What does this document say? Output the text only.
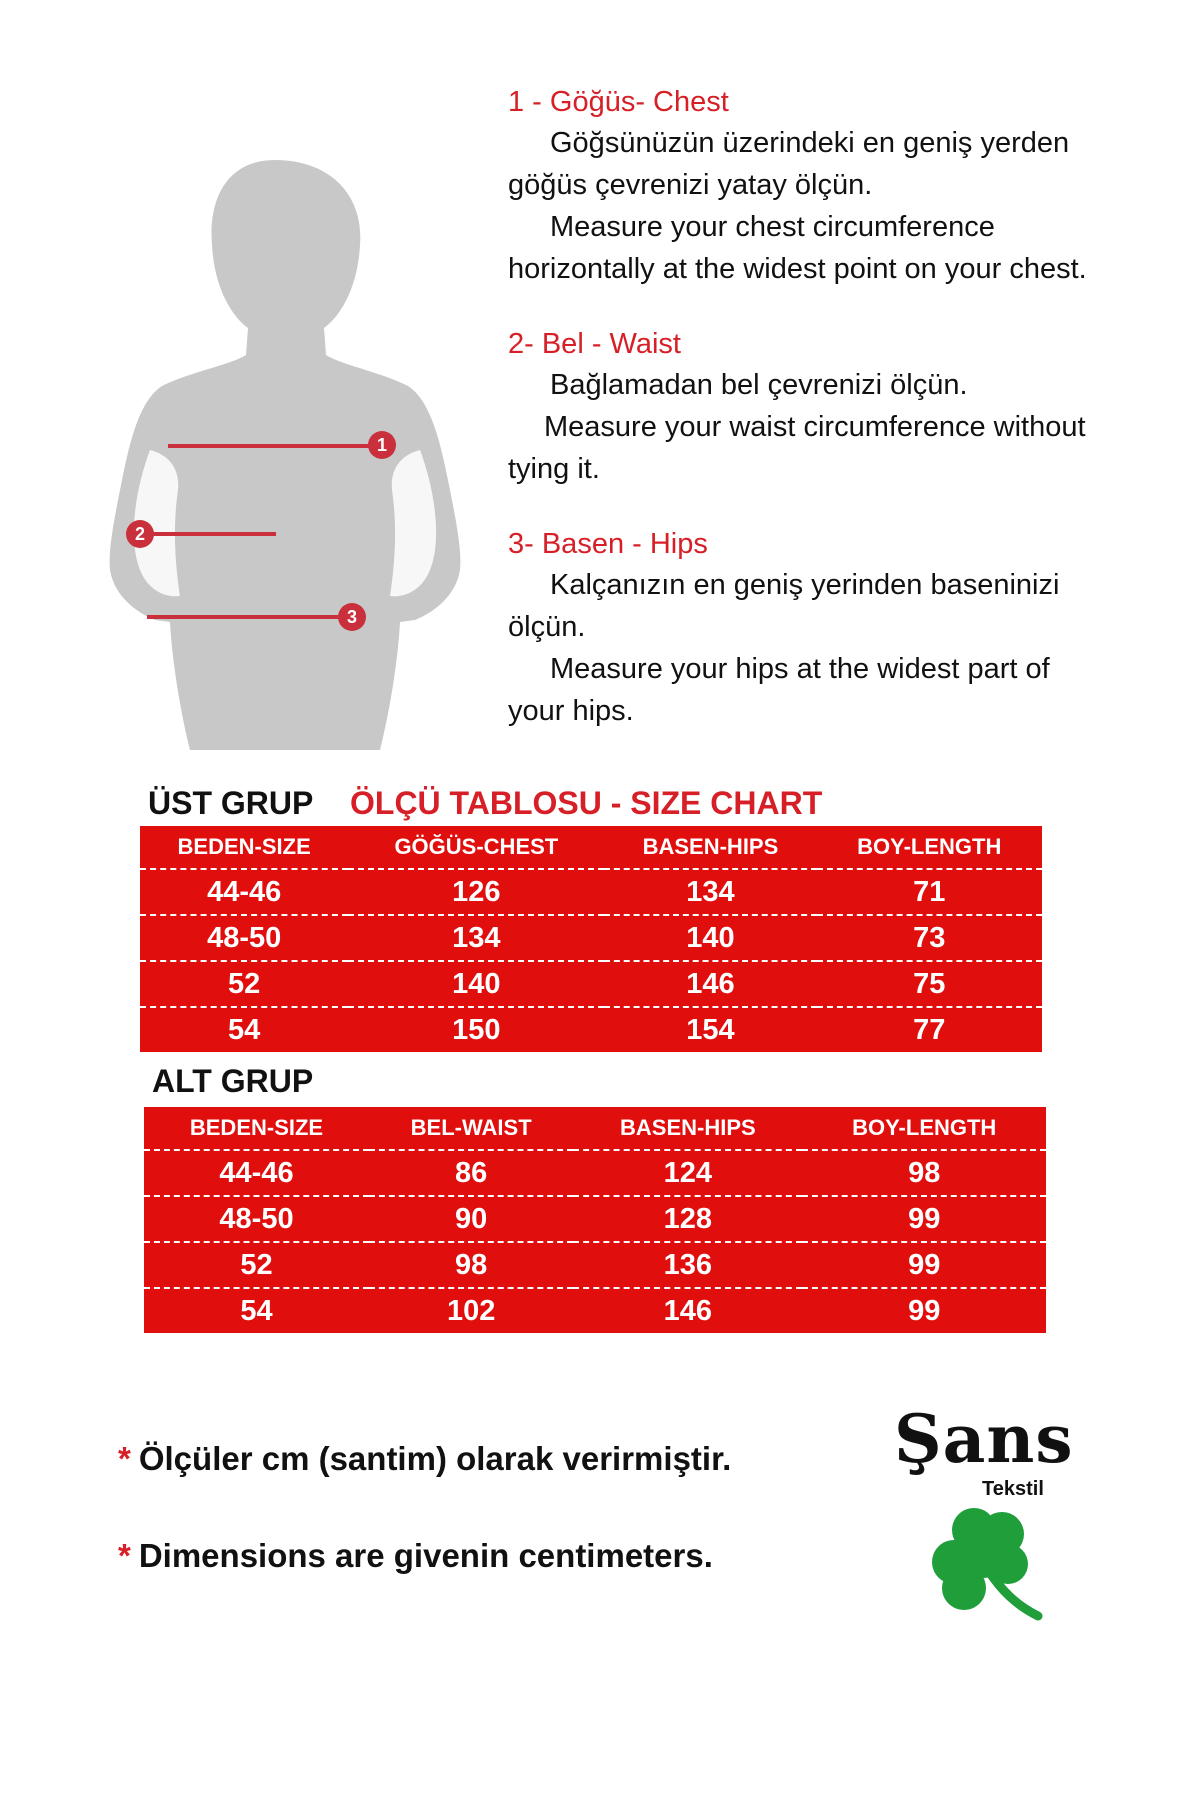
1
2
3

1 - Göğüs- Chest

Göğsünüzün üzerindeki en geniş yerden

göğüs çevrenizi yatay ölçün.

Measure your chest circumference

horizontally at the widest point on your chest.

2- Bel - Waist

Bağlamadan bel çevrenizi ölçün.

Measure your waist circumference without

tying it.

3- Basen - Hips

Kalçanızın en geniş yerinden baseninizi

ölçün.

Measure your hips at the widest part of

your hips.

ÜST GRUP ÖLÇÜ TABLOSU - SIZE CHART
BEDEN-SIZE	GÖĞÜS-CHEST	BASEN-HIPS	BOY-LENGTH
44-46	126	134	71
48-50	134	140	73
52	140	146	75
54	150	154	77
ALT GRUP
BEDEN-SIZE	BEL-WAIST	BASEN-HIPS	BOY-LENGTH
44-46	86	124	98
48-50	90	128	99
52	98	136	99
54	102	146	99
* Ölçüler cm (santim) olarak verirmiştir.
* Dimensions are givenin centimeters.
Şans
Tekstil
